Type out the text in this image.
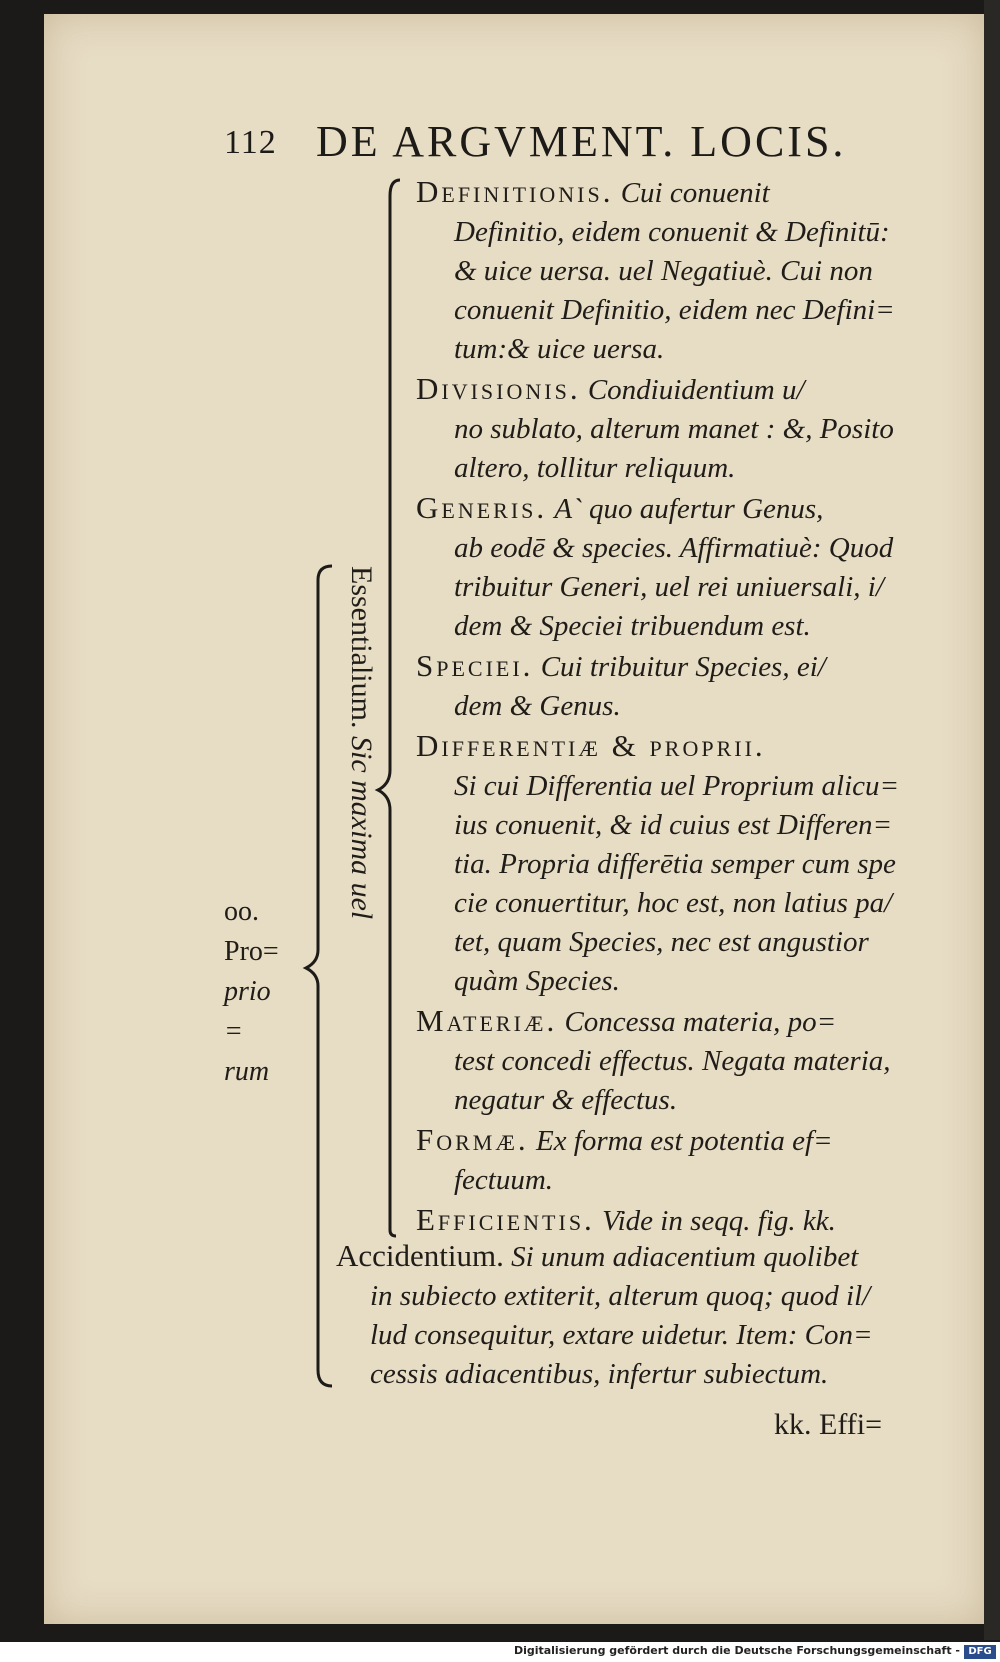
112 DE ARGVMENT. LOCIS.
oo.
Pro=
prio =
rum
Essentialium. Sic maxima uel
Definitionis. Cui conuenit
Definitio, eidem conuenit & Definitū:
& uice uersa. uel Negatiuè. Cui non
conuenit Definitio, eidem nec Defini=
tum:& uice uersa.
Divisionis. Condiuidentium u/
no sublato, alterum manet : &, Posito
altero, tollitur reliquum.
Generis. A` quo aufertur Genus,
ab eodē & species. Affirmatiuè: Quod
tribuitur Generi, uel rei uniuersali, i/
dem & Speciei tribuendum est.
Speciei. Cui tribuitur Species, ei/
dem & Genus.
Differentiæ & proprii.
Si cui Differentia uel Proprium alicu=
ius conuenit, & id cuius est Differen=
tia. Propria differētia semper cum spe
cie conuertitur, hoc est, non latius pa/
tet, quam Species, nec est angustior
quàm Species.
Materiæ. Concessa materia, po=
test concedi effectus. Negata materia,
negatur & effectus.
Formæ. Ex forma est potentia ef=
fectuum.
Efficientis. Vide in seqq. fig. kk.
Accidentium. Si unum adiacentium quolibet
in subiecto extiterit, alterum quoq; quod il/
lud consequitur, extare uidetur. Item: Con=
cessis adiacentibus, infertur subiectum.
kk. Effi=
Digitalisierung gefördert durch die Deutsche Forschungsgemeinschaft - DFG
